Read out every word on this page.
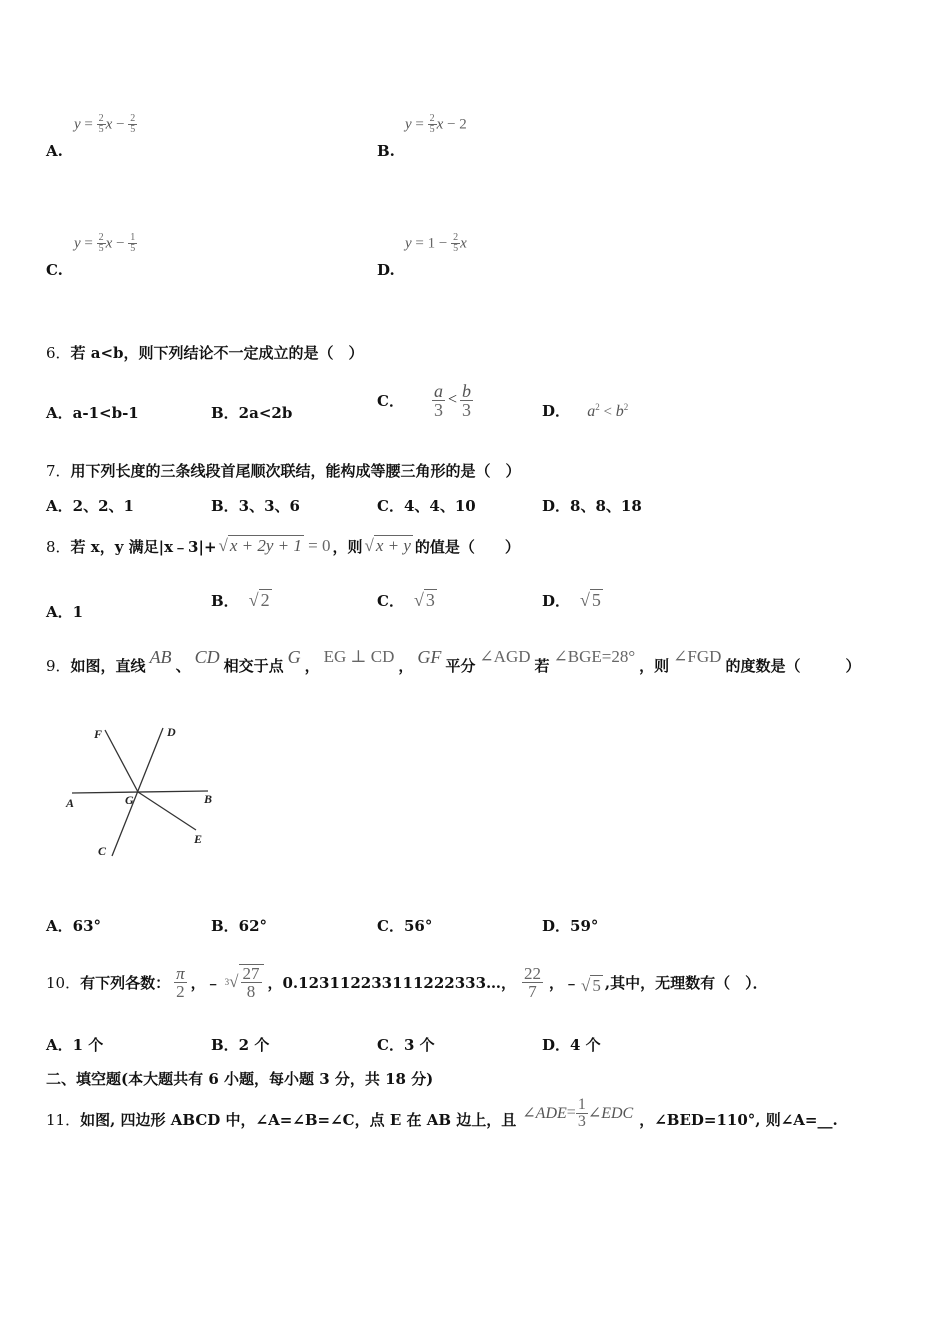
$y = \frac{2}{5}$ $x - \frac{2}{5}$
A.
$y = \frac{2}{5}$ x − 2
B.
$y = \frac{2}{5}$ $x - \frac{1}{5}$
C.
$y = 1 - \frac{2}{5}$ x
D.
6．若 a<b，则下列结论不一定成立的是（　）
A．a-1<b-1	B．2a<2b
C． $\frac{a}{3} < \frac{b}{3}$	D． $a^2 < b^2$
7．用下列长度的三条线段首尾顺次联结，能构成等腰三角形的是（　）
A．2、2、1	B．3、3、6	C．4、4、10	D．8、8、18
8． 若 x，y 满足|x﹣3|+ √ x + 2y + 1 = 0 ，则 √ x + y 的值是（　　）
A．1
B． √ 2	C． √ 3	D． √ 5
9． 如图，直线 AB 、 CD 相交于点 G ， EG ⊥ CD ， GF 平分 ∠AGD 若 ∠BGE=28° ，则 ∠FGD 的度数是（　　　）
F	D
A	G	B
C
E
A．63°	B．62°	C．56°	D．59°
10． 有下列各数： $\frac{\pi}{2}$ ，﹣ 3 √ $\frac{27}{8}$ ，0.123112233111222333…， $\frac{22}{7}$ ，﹣ √ 5 ,其中，无理数有（　）．
A．1 个	B．2 个	C．3 个	D．4 个
二、填空题(本大题共有 6 小题，每小题 3 分，共 18 分)
11． 如图, 四边形 ABCD 中，∠A=∠B=∠C，点 E 在 AB 边上，且 ∠ADE = $\frac{1}{3}$ ∠EDC ，∠BED=110°, 则∠A=__.
